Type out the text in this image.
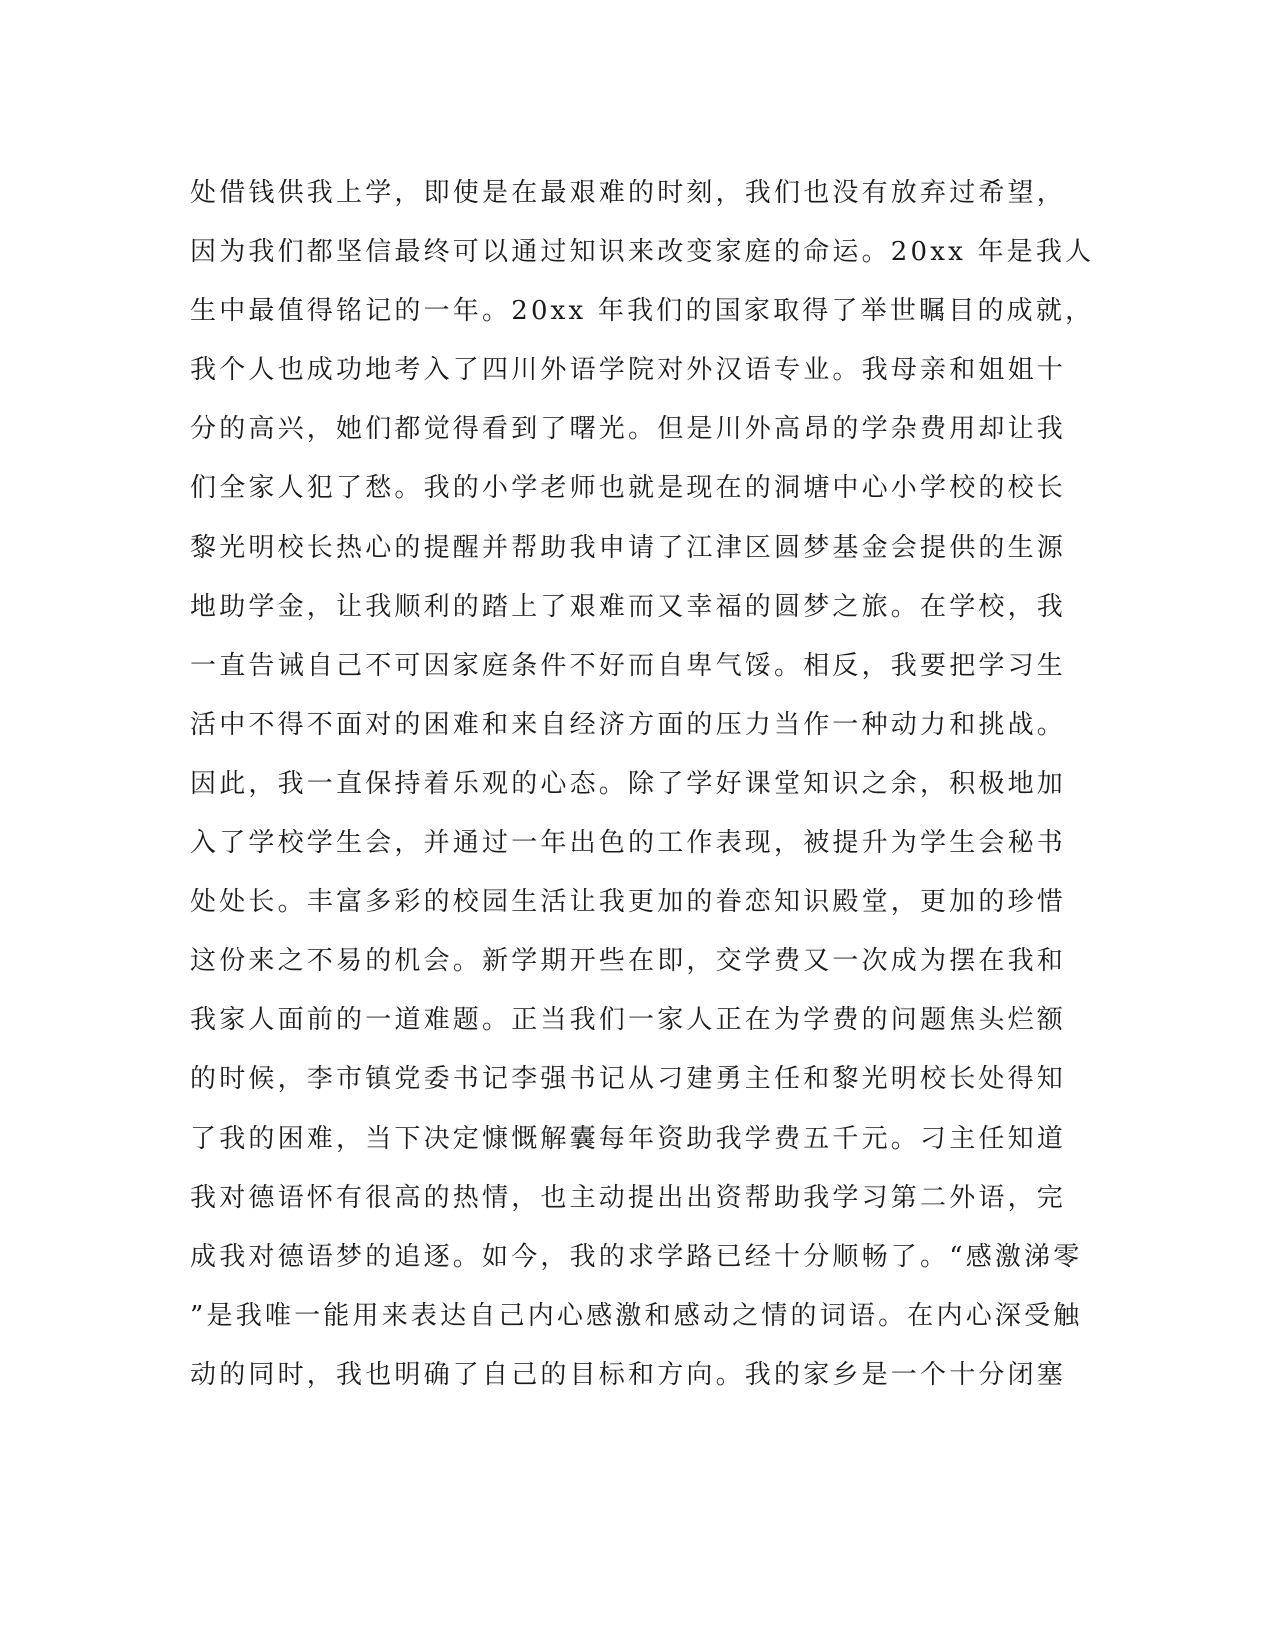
处借钱供我上学，即使是在最艰难的时刻，我们也没有放弃过希望，
因为我们都坚信最终可以通过知识来改变家庭的命运。20xx 年是我人
生中最值得铭记的一年。20xx 年我们的国家取得了举世瞩目的成就，
我个人也成功地考入了四川外语学院对外汉语专业。我母亲和姐姐十
分的高兴，她们都觉得看到了曙光。但是川外高昂的学杂费用却让我
们全家人犯了愁。我的小学老师也就是现在的洞塘中心小学校的校长
黎光明校长热心的提醒并帮助我申请了江津区圆梦基金会提供的生源
地助学金，让我顺利的踏上了艰难而又幸福的圆梦之旅。在学校，我
一直告诫自己不可因家庭条件不好而自卑气馁。相反，我要把学习生
活中不得不面对的困难和来自经济方面的压力当作一种动力和挑战。
因此，我一直保持着乐观的心态。除了学好课堂知识之余，积极地加
入了学校学生会，并通过一年出色的工作表现，被提升为学生会秘书
处处长。丰富多彩的校园生活让我更加的眷恋知识殿堂，更加的珍惜
这份来之不易的机会。新学期开些在即，交学费又一次成为摆在我和
我家人面前的一道难题。正当我们一家人正在为学费的问题焦头烂额
的时候，李市镇党委书记李强书记从刁建勇主任和黎光明校长处得知
了我的困难，当下决定慷慨解囊每年资助我学费五千元。刁主任知道
我对德语怀有很高的热情，也主动提出出资帮助我学习第二外语，完
成我对德语梦的追逐。如今，我的求学路已经十分顺畅了。“感激涕零
”是我唯一能用来表达自己内心感激和感动之情的词语。在内心深受触
动的同时，我也明确了自己的目标和方向。我的家乡是一个十分闭塞
